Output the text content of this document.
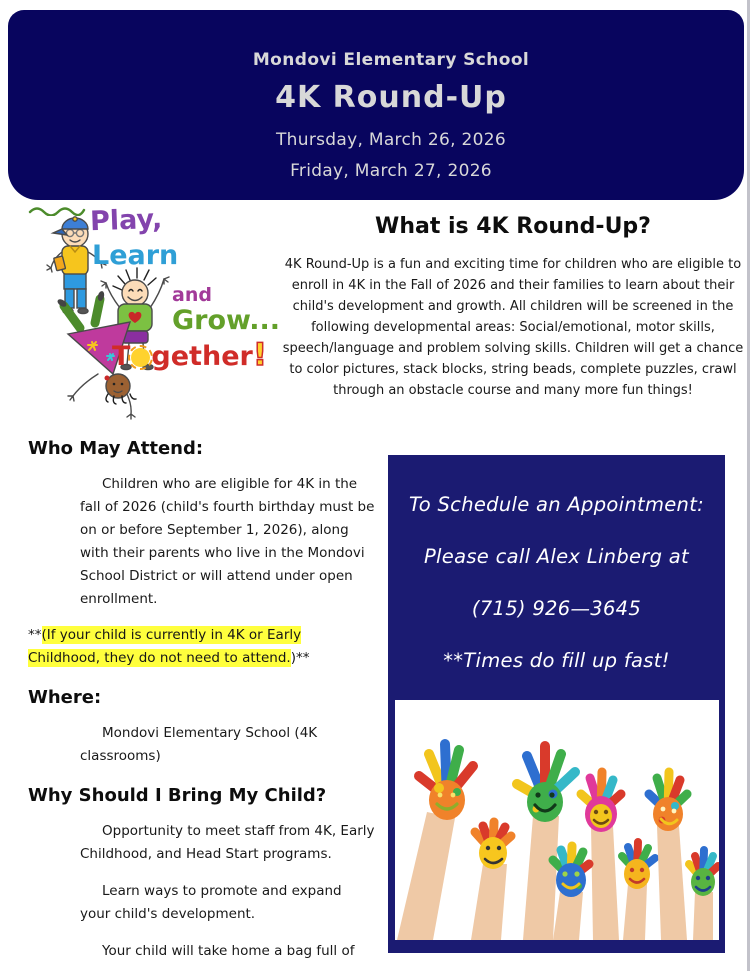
Mondovi Elementary School
4K Round-Up
Thursday, March 26, 2026
Friday, March 27, 2026
Play,
Learn
and
Grow...
T gether!
What is 4K Round-Up?
4K Round-Up is a fun and exciting time for children who are eligible to enroll in 4K in the Fall of 2026 and their families to learn about their child's development and growth. All children will be screened in the following developmental areas: Social/emotional, motor skills, speech/language and problem solving skills. Children will get a chance to color pictures, stack blocks, string beads, complete puzzles, crawl through an obstacle course and many more fun things!
Who May Attend:

Children who are eligible for 4K in the fall of 2026 (child's fourth birthday must be on or before September 1, 2026), along with their parents who live in the Mondovi School District or will attend under open enrollment.

**(If your child is currently in 4K or Early Childhood, they do not need to attend.)**

Where:

Mondovi Elementary School (4K classrooms)

Why Should I Bring My Child?

Opportunity to meet staff from 4K, Early Childhood, and Head Start programs.

Learn ways to promote and expand your child's development.

Your child will take home a bag full of

To Schedule an Appointment:
Please call Alex Linberg at
(715) 926—3645
**Times do fill up fast!
